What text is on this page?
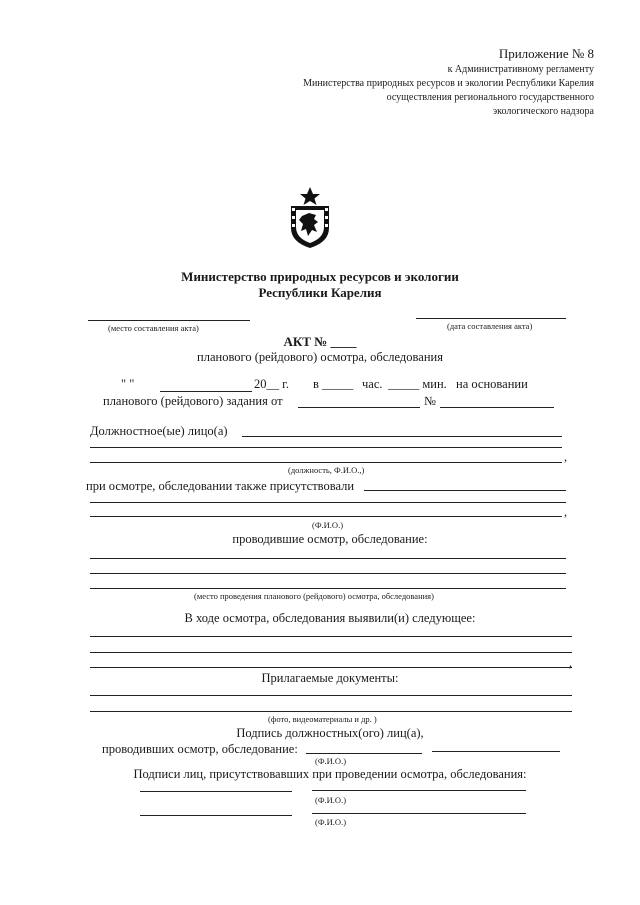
Приложение № 8
к Административному регламенту
Министерства природных ресурсов и экологии Республики Карелия
осуществления регионального государственного
экологического надзора
Министерство природных ресурсов и экологии
Республики Карелия
(место составления акта)	(дата составления акта)
АКТ № ____
планового (рейдового) осмотра, обследования
" "	20__ г. в _____ час. _____ мин. на основании
планового (рейдового) задания от	№
Должностное(ые) лицо(а)
,
(должность, Ф.И.О.,)
при осмотре, обследовании также присутствовали
,
(Ф.И.О.)
проводившие осмотр, обследование:
(место проведения планового (рейдового) осмотра, обследования)
В ходе осмотра, обследования выявили(и) следующее:
,
Прилагаемые документы:
(фото, видеоматериалы и др. )
Подпись должностных(ого) лиц(а),
проводивших осмотр, обследование:
(Ф.И.О.)
Подписи лиц, присутствовавших при проведении осмотра, обследования:
(Ф.И.О.)
(Ф.И.О.)
